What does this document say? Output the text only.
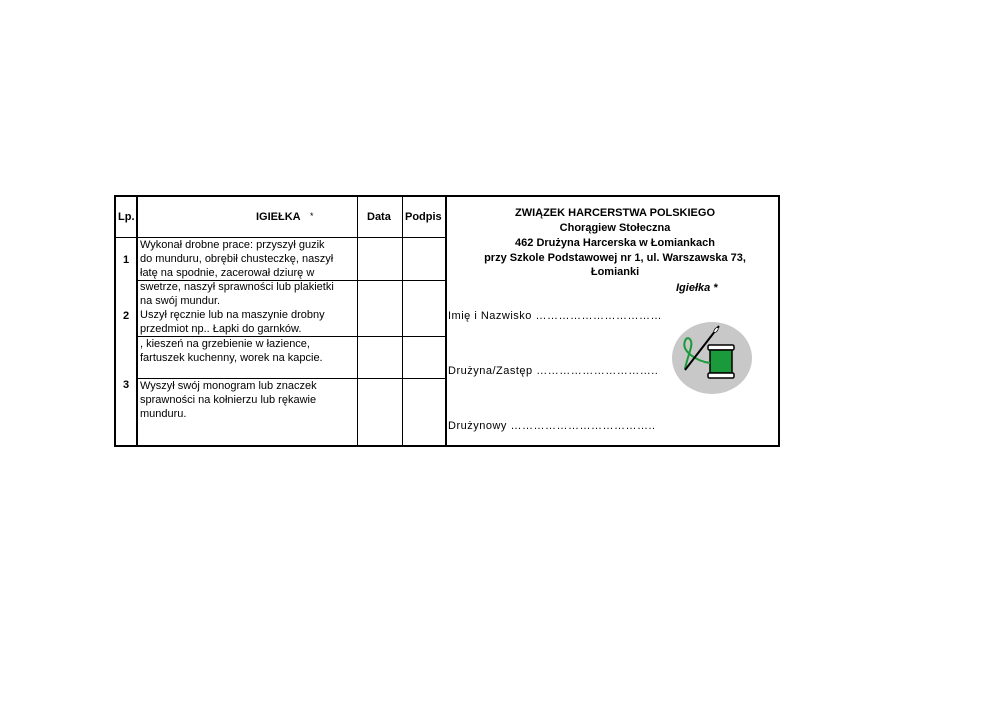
Lp.	IGIEŁKA *	Data Podpis
1
Wykonał drobne prace: przyszył guzik
do munduru, obrębił chusteczkę, naszył
łatę na spodnie, zacerował dziurę w
swetrze, naszył sprawności lub plakietki
na swój mundur.
2 Uszył ręcznie lub na maszynie drobny
przedmiot np.. Łapki do garnków.
, kieszeń na grzebienie w łazience,
fartuszek kuchenny, worek na kapcie.
3 Wyszył swój monogram lub znaczek
sprawności na kołnierzu lub rękawie
munduru.
ZWIĄZEK HARCERSTWA POLSKIEGO
Chorągiew Stołeczna
462 Drużyna Harcerska w Łomiankach
przy Szkole Podstawowej nr 1, ul. Warszawska 73,
Łomianki
Igiełka *
Imię i Nazwisko ……………………………
Drużyna/Zastęp …………………………..
Drużynowy ………………………………..
